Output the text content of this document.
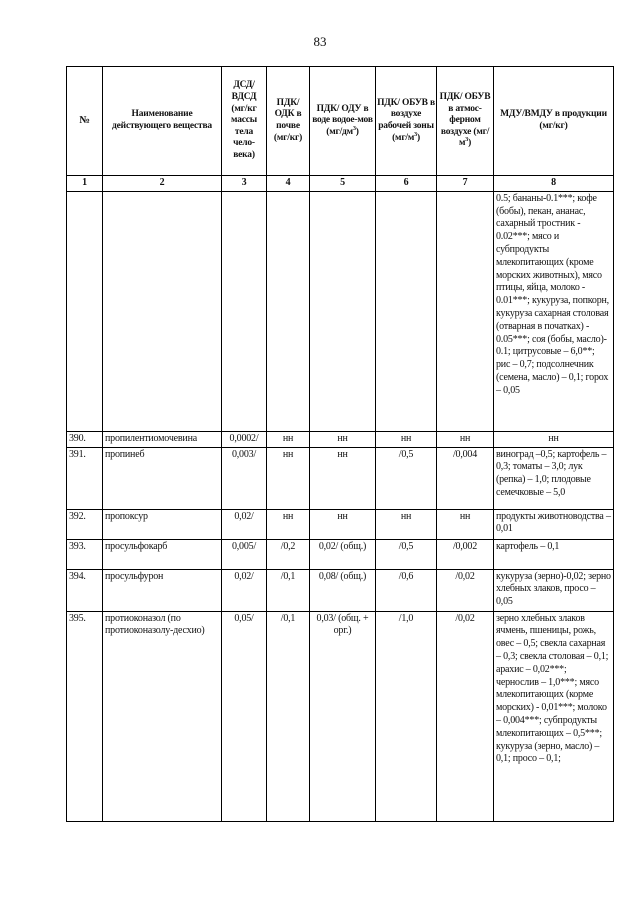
83
№	Наименование действующего вещества	ДСД/ ВДСД (мг/кг массы тела чело-века)	ПДК/ ОДК в почве (мг/кг)	ПДК/ ОДУ в воде водое-мов $(мг/дм^3)$	ПДК/ ОБУВ в воздухе рабочей зоны $(мг/м^3)$	ПДК/ ОБУВ в атмос-ферном воздухе $(мг/м^3)$	МДУ/ВМДУ в продукции (мг/кг)
1	2	3	4	5	6	7	8
							0.5; бананы-0.1***; кофе (бобы), пекан, ананас, сахарный тростник - 0.02***; мясо и субпродукты млекопитающих (кроме морских животных), мясо птицы, яйца, молоко - 0.01***; кукуруза, попкорн, кукуруза сахарная столовая (отварная в початках) - 0.05***; соя (бобы, масло)- 0.1; цитрусовые – 6,0**; рис – 0,7; подсолнечник (семена, масло) – 0,1; горох – 0,05
390.	пропилентиомочевина	0,0002/	нн	нн	нн	нн	нн
391.	пропинеб	0,003/	нн	нн	/0,5	/0,004	виноград –0,5; картофель – 0,3; томаты – 3,0; лук (репка) – 1,0; плодовые семечковые – 5,0
392.	пропоксур	0,02/	нн	нн	нн	нн	продукты животноводства – 0,01
393.	просульфокарб	0,005/	/0,2	0,02/ (общ.)	/0,5	/0,002	картофель – 0,1
394.	просульфурон	0,02/	/0,1	0,08/ (общ.)	/0,6	/0,02	кукуруза (зерно)-0,02; зерно хлебных злаков, просо – 0,05
395.	протиоконазол (по протиоконазолу-десхио)	0,05/	/0,1	0,03/ (общ. + орг.)	/1,0	/0,02	зерно хлебных злаков ячмень, пшеницы, рожь, овес – 0,5; свекла сахарная – 0,3; свекла столовая – 0,1; арахис – 0,02***; чернослив – 1,0***; мясо млекопитающих (корме морских) - 0,01***; молоко – 0,004***; субпродукты млекопитающих – 0,5***; кукуруза (зерно, масло) – 0,1; просо – 0,1;
